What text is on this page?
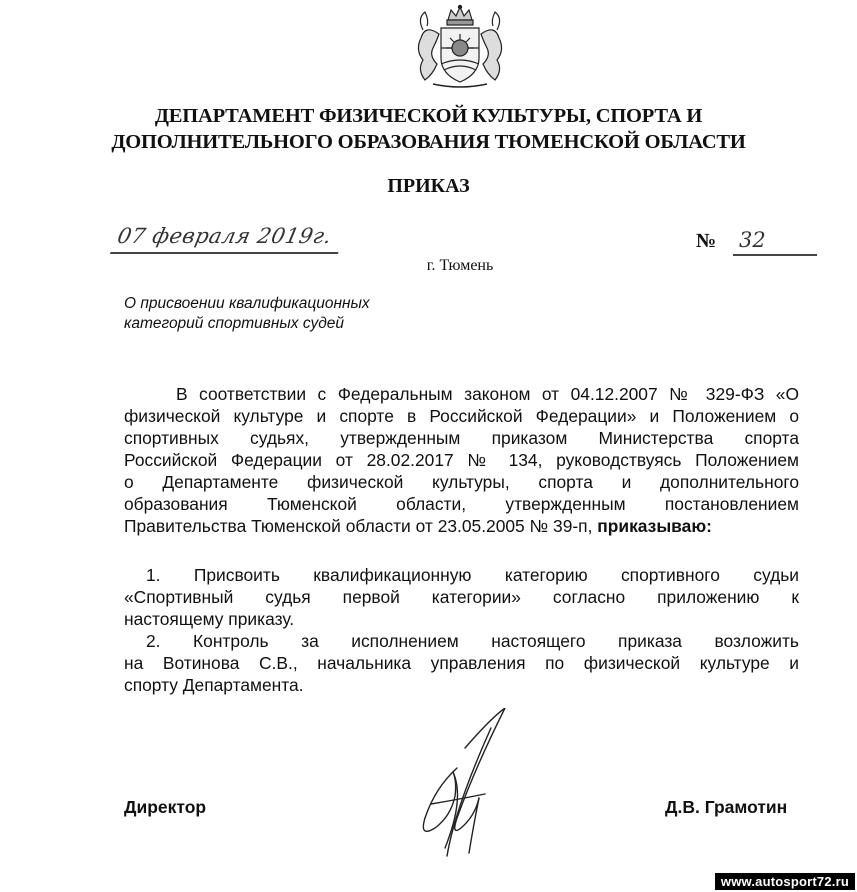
ДЕПАРТАМЕНТ ФИЗИЧЕСКОЙ КУЛЬТУРЫ, СПОРТА И
ДОПОЛНИТЕЛЬНОГО ОБРАЗОВАНИЯ ТЮМЕНСКОЙ ОБЛАСТИ
ПРИКАЗ
07 февраля 2019г.	№ 32
г. Тюмень
О присвоении квалификационных
категорий спортивных судей
В соответствии с Федеральным законом от 04.12.2007 № 329-ФЗ «О
физической культуре и спорте в Российской Федерации» и Положением о
спортивных судьях, утвержденным приказом Министерства спорта
Российской Федерации от 28.02.2017 № 134, руководствуясь Положением
о Департаменте физической культуры, спорта и дополнительного
образования Тюменской области, утвержденным постановлением
Правительства Тюменской области от 23.05.2005 № 39-п, приказываю:
1. Присвоить квалификационную категорию спортивного судьи
«Спортивный судья первой категории» согласно приложению к
настоящему приказу.
2. Контроль за исполнением настоящего приказа возложить
на Вотинова С.В., начальника управления по физической культуре и
спорту Департамента.
Директор	Д.В. Грамотин
www.autosport72.ru
